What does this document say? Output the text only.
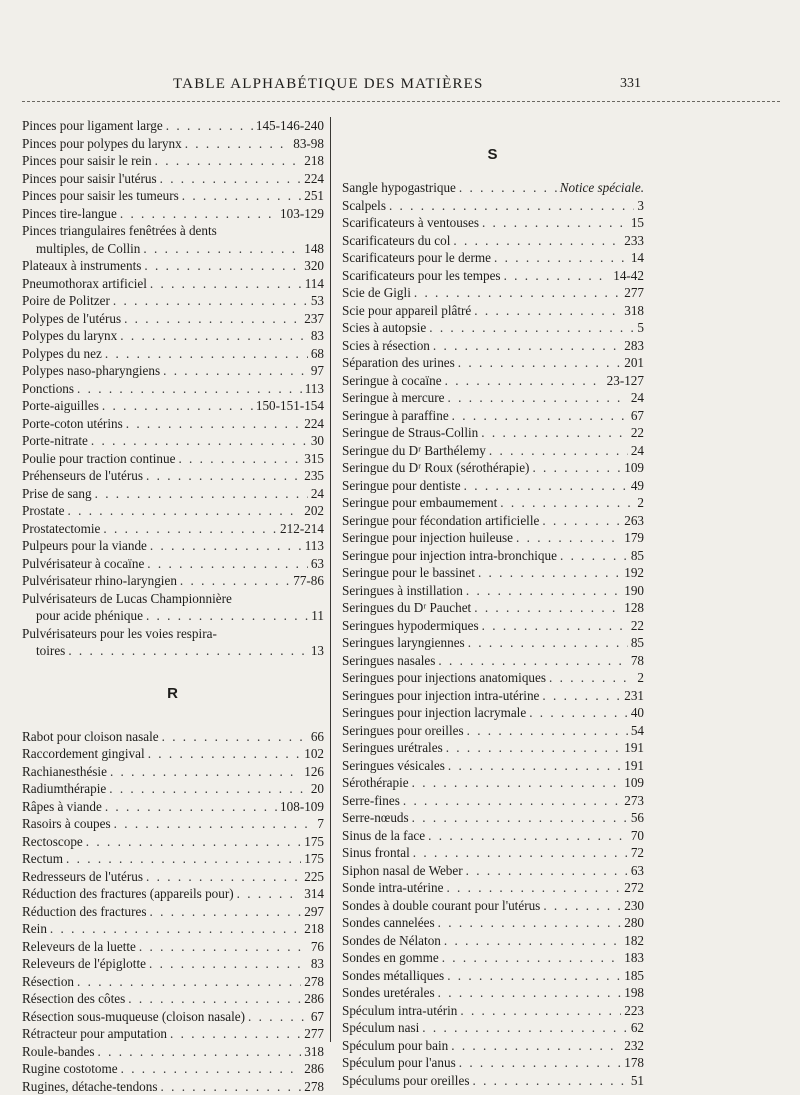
TABLE ALPHABÉTIQUE DES MATIÈRES	331
Pinces pour ligament large . . .	145-146-240
Pinces pour polypes du larynx . . .	83-98
Pinces pour saisir le rein . . .	218
Pinces pour saisir l'utérus . . .	224
Pinces pour saisir les tumeurs . . .	251
Pinces tire-langue . . .	103-129
Pinces triangulaires fenêtrées à dents
multiples, de Collin . . .	148
Plateaux à instruments . . .	320
Pneumothorax artificiel . . .	114
Poire de Politzer . . .	53
Polypes de l'utérus . . .	237
Polypes du larynx . . .	83
Polypes du nez . . .	68
Polypes naso-pharyngiens . . .	97
Ponctions . . .	113
Porte-aiguilles . . .	150-151-154
Porte-coton utérins . . .	224
Porte-nitrate . . .	30
Poulie pour traction continue . . .	315
Préhenseurs de l'utérus . . .	235
Prise de sang . . .	24
Prostate . . .	202
Prostatectomie . . .	212-214
Pulpeurs pour la viande . . .	113
Pulvérisateur à cocaïne . . .	63
Pulvérisateur rhino-laryngien . . .	77-86
Pulvérisateurs de Lucas Championnière
pour acide phénique . . .	11
Pulvérisateurs pour les voies respira-
toires . . .	13
R
Rabot pour cloison nasale . . .	66
Raccordement gingival . . .	102
Rachianesthésie . . .	126
Radiumthérapie . . .	20
Râpes à viande . . .	108-109
Rasoirs à coupes . . .	7
Rectoscope . . .	175
Rectum . . .	175
Redresseurs de l'utérus . . .	225
Réduction des fractures (appareils pour) . . .	314
Réduction des fractures . . .	297
Rein . . .	218
Releveurs de la luette . . .	76
Releveurs de l'épiglotte . . .	83
Résection . . .	278
Résection des côtes . . .	286
Résection sous-muqueuse (cloison nasale) . . .	67
Rétracteur pour amputation . . .	277
Roule-bandes . . .	318
Rugine costotome . . .	286
Rugines, détache-tendons . . .	278
S
Sangle hypogastrique . . .	Notice spéciale.
Scalpels . . .	3
Scarificateurs à ventouses . . .	15
Scarificateurs du col . . .	233
Scarificateurs pour le derme . . .	14
Scarificateurs pour les tempes . . .	14-42
Scie de Gigli . . .	277
Scie pour appareil plâtré . . .	318
Scies à autopsie . . .	5
Scies à résection . . .	283
Séparation des urines . . .	201
Seringue à cocaïne . . .	23-127
Seringue à mercure . . .	24
Seringue à paraffine . . .	67
Seringue de Straus-Collin . . .	22
Seringue du Dʳ Barthélemy . . .	24
Seringue du Dʳ Roux (sérothérapie) . . .	109
Seringue pour dentiste . . .	49
Seringue pour embaumement . . .	2
Seringue pour fécondation artificielle . . .	263
Seringue pour injection huileuse . . .	179
Seringue pour injection intra-bronchique . . .	85
Seringue pour le bassinet . . .	192
Seringues à instillation . . .	190
Seringues du Dʳ Pauchet . . .	128
Seringues hypodermiques . . .	22
Seringues laryngiennes . . .	85
Seringues nasales . . .	78
Seringues pour injections anatomiques . . .	2
Seringues pour injection intra-utérine . . .	231
Seringues pour injection lacrymale . . .	40
Seringues pour oreilles . . .	54
Seringues urétrales . . .	191
Seringues vésicales . . .	191
Sérothérapie . . .	109
Serre-fines . . .	273
Serre-nœuds . . .	56
Sinus de la face . . .	70
Sinus frontal . . .	72
Siphon nasal de Weber . . .	63
Sonde intra-utérine . . .	272
Sondes à double courant pour l'utérus . . .	230
Sondes cannelées . . .	280
Sondes de Nélaton . . .	182
Sondes en gomme . . .	183
Sondes métalliques . . .	185
Sondes uretérales . . .	198
Spéculum intra-utérin . . .	223
Spéculum nasi . . .	62
Spéculum pour bain . . .	232
Spéculum pour l'anus . . .	178
Spéculums pour oreilles . . .	51
